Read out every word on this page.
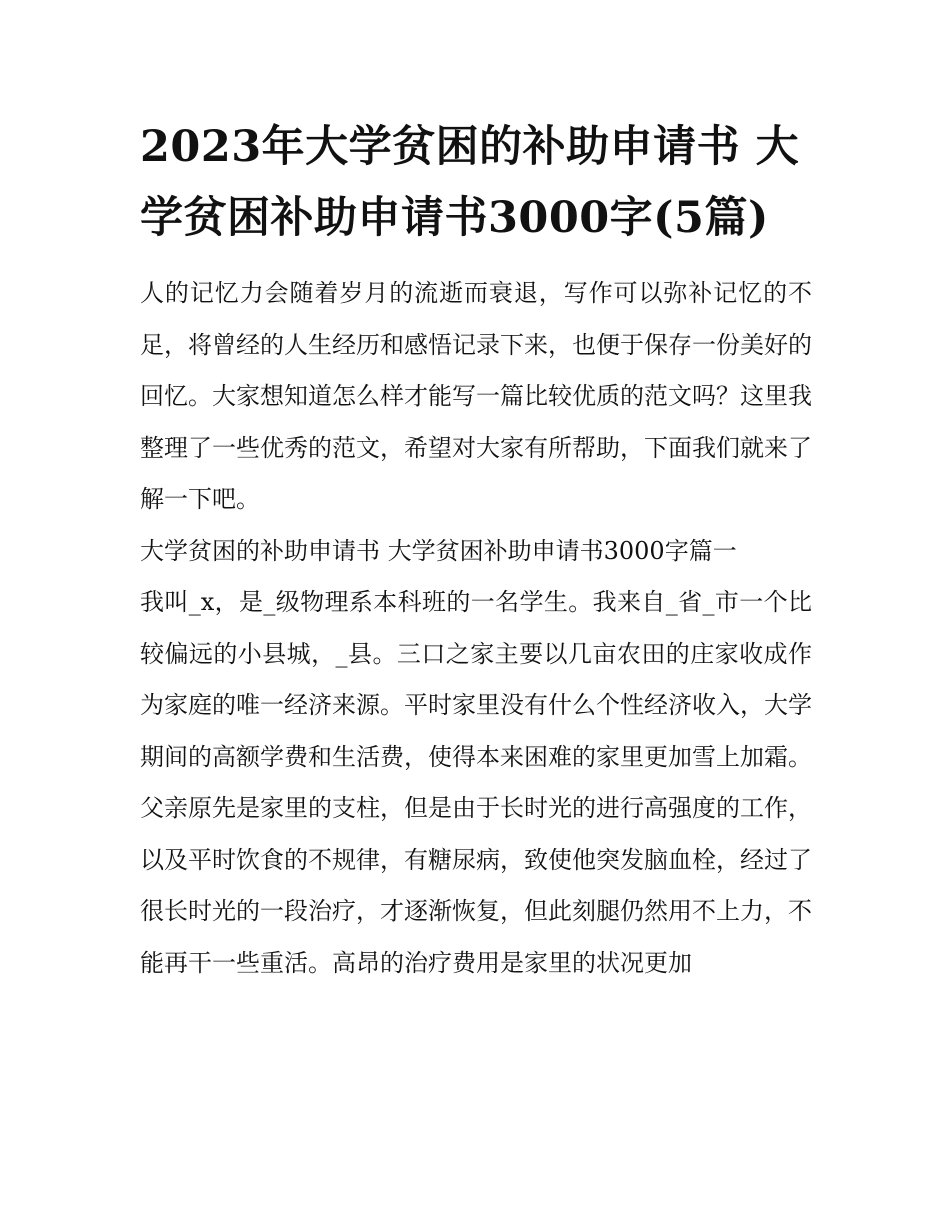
2023年大学贫困的补助申请书 大学贫困补助申请书3000字(5篇)

人的记忆力会随着岁月的流逝而衰退，写作可以弥补记忆的不足，将曾经的人生经历和感悟记录下来，也便于保存一份美好的回忆。大家想知道怎么样才能写一篇比较优质的范文吗？这里我整理了一些优秀的范文，希望对大家有所帮助，下面我们就来了解一下吧。

大学贫困的补助申请书 大学贫困补助申请书3000字篇一

我叫_x，是_级物理系本科班的一名学生。我来自_省_市一个比较偏远的小县城，_县。三口之家主要以几亩农田的庄家收成作为家庭的唯一经济来源。平时家里没有什么个性经济收入，大学期间的高额学费和生活费，使得本来困难的家里更加雪上加霜。

父亲原先是家里的支柱，但是由于长时光的进行高强度的工作，以及平时饮食的不规律，有糖尿病，致使他突发脑血栓，经过了很长时光的一段治疗，才逐渐恢复，但此刻腿仍然用不上力，不能再干一些重活。高昂的治疗费用是家里的状况更加
